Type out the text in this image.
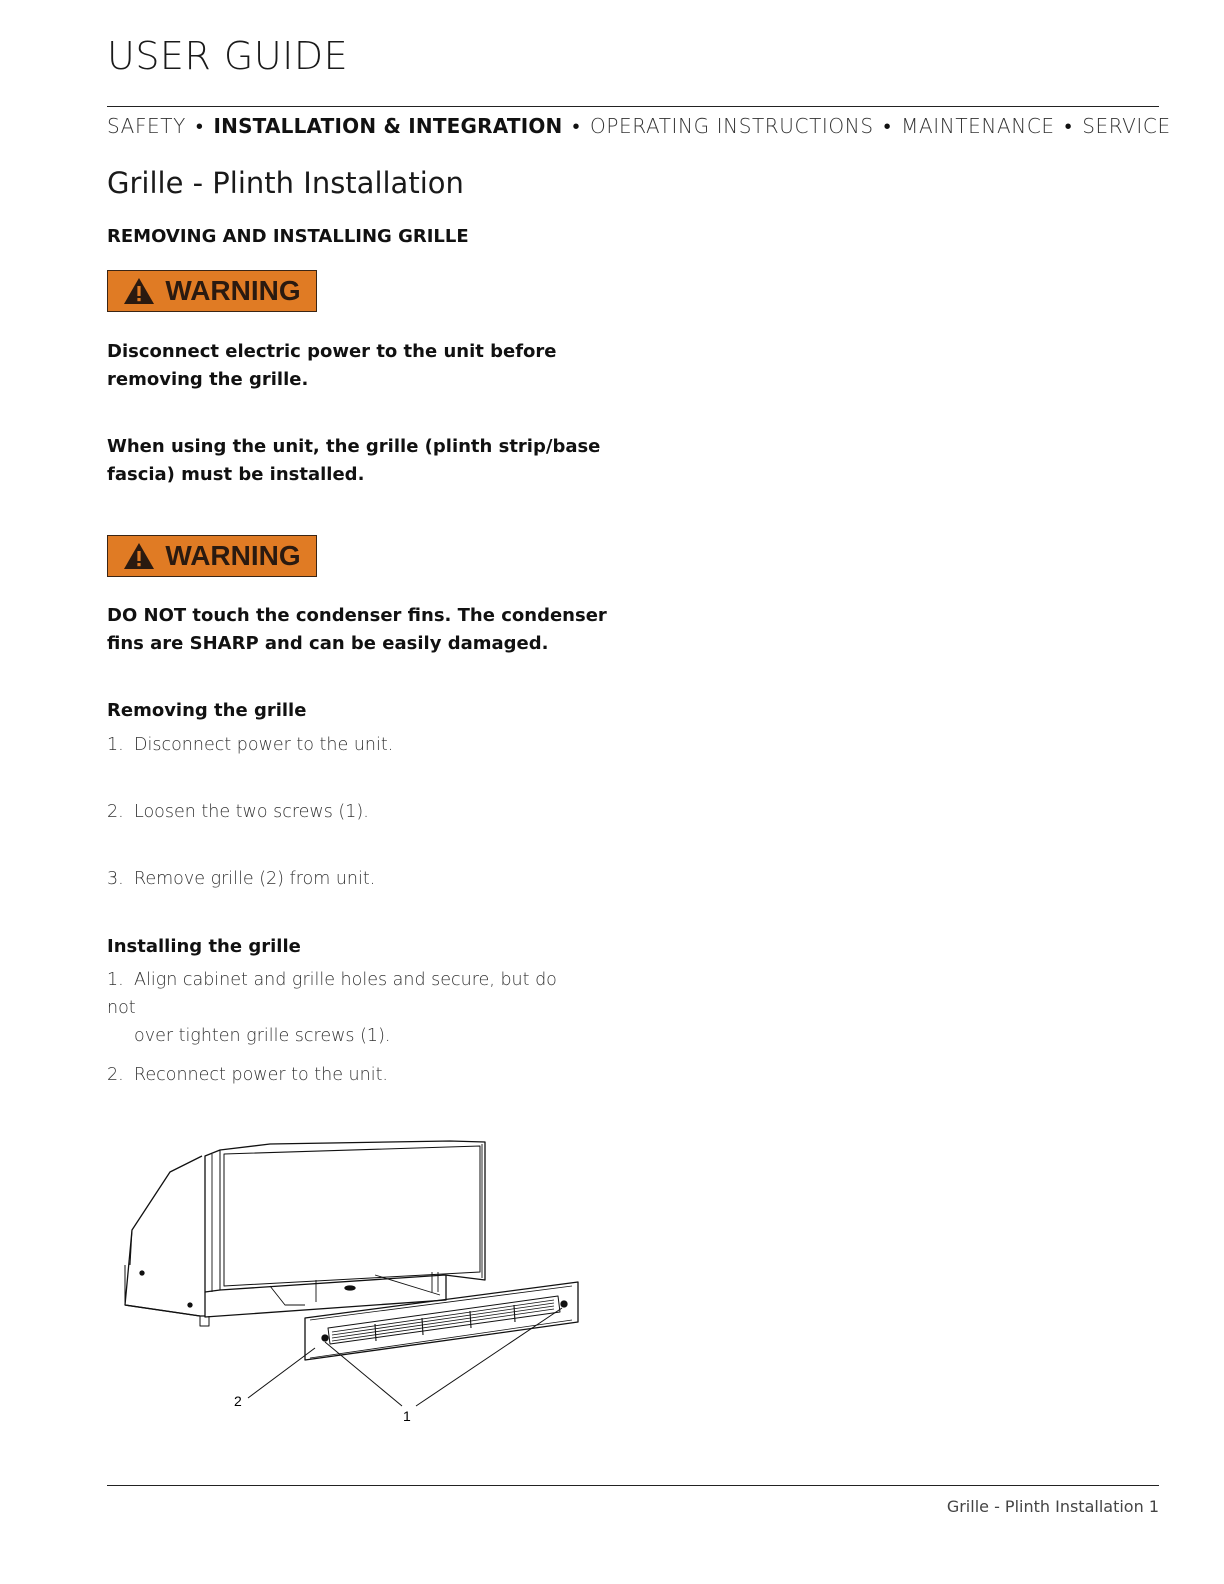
USER GUIDE
SAFETY • INSTALLATION & INTEGRATION • OPERATING INSTRUCTIONS • MAINTENANCE • SERVICE
Grille - Plinth Installation
REMOVING AND INSTALLING GRILLE
WARNING
Disconnect electric power to the unit before
removing the grille.
When using the unit, the grille (plinth strip/base
fascia) must be installed.
WARNING
DO NOT touch the condenser fins. The condenser
fins are SHARP and can be easily damaged.
Removing the grille
1. Disconnect power to the unit.
2. Loosen the two screws (1).
3. Remove grille (2) from unit.
Installing the grille
1. Align cabinet and grille holes and secure, but do not
over tighten grille screws (1).
2. Reconnect power to the unit.
2
1
Grille - Plinth Installation 1
